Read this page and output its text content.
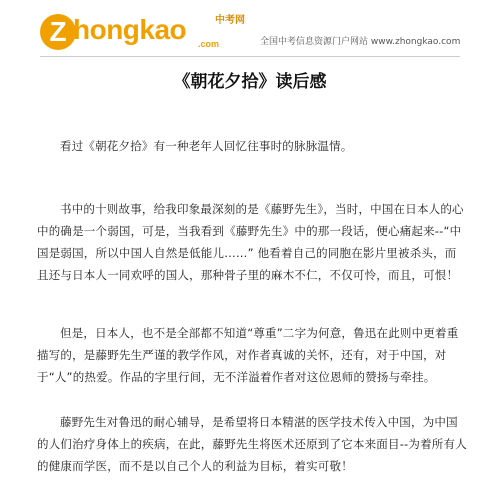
Z hongkao	中考网
.com	全国中考信息资源门户网站 www.zhongkao.com
《朝花夕拾》读后感

看过《朝花夕拾》有一种老年人回忆往事时的脉脉温情。

书中的十则故事，给我印象最深刻的是《藤野先生》，当时，中国在日本人的心中的确是一个弱国，可是，当我看到《藤野先生》中的那一段话，便心痛起来--“中国是弱国，所以中国人自然是低能儿……” 他看着自己的同胞在影片里被杀头，而且还与日本人一同欢呼的国人，那种骨子里的麻木不仁，不仅可怜，而且，可恨！

但是，日本人，也不是全部都不知道“尊重”二字为何意，鲁迅在此则中更着重描写的，是藤野先生严谨的教学作风，对作者真诚的关怀，还有，对于中国，对于“人”的热爱。作品的字里行间，无不洋溢着作者对这位恩师的赞扬与牵挂。

藤野先生对鲁迅的耐心辅导，是希望将日本精湛的医学技术传入中国，为中国的人们治疗身体上的疾病，在此，藤野先生将医术还原到了它本来面目--为着所有人的健康而学医，而不是以自己个人的利益为目标，着实可敬！
